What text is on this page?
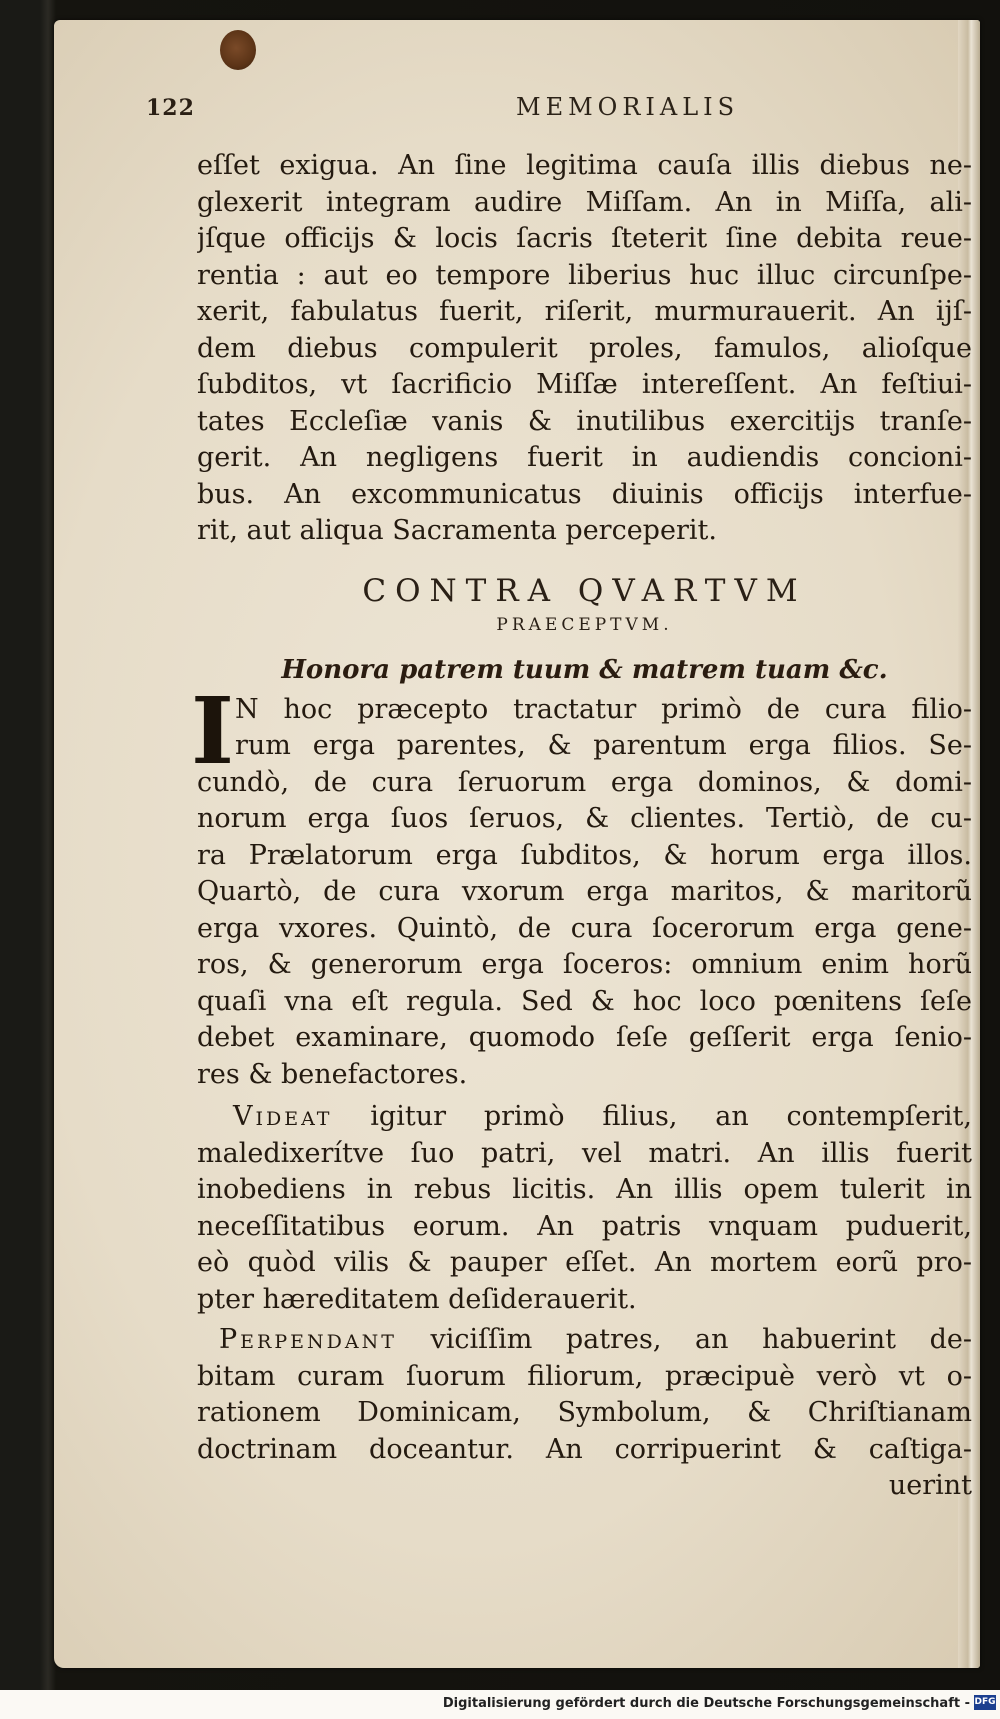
122	MEMORIALIS
eſſet exigua. An ſine legitima cauſa illis diebus ne-
glexerit integram audire Miſſam. An in Miſſa, ali-
jſque officijs & locis ſacris ſteterit ſine debita reue-
rentia : aut eo tempore liberius huc illuc circunſpe-
xerit, fabulatus fuerit, riſerit, murmurauerit. An ijſ-
dem diebus compulerit proles, famulos, alioſque
ſubditos, vt ſacrificio Miſſæ intereſſent. An feſtiui-
tates Eccleſiæ vanis & inutilibus exercitijs tranſe-
gerit. An negligens fuerit in audiendis concioni-
bus. An excommunicatus diuinis officijs interfue-
rit, aut aliqua Sacramenta perceperit.
CONTRA QVARTVM
PRAECEPTVM.
Honora patrem tuum & matrem tuam &c.
I N hoc præcepto tractatur primò de cura filio-
rum erga parentes, & parentum erga filios. Se-
cundò, de cura ſeruorum erga dominos, & domi-
norum erga ſuos ſeruos, & clientes. Tertiò, de cu-
ra Prælatorum erga ſubditos, & horum erga illos.
Quartò, de cura vxorum erga maritos, & maritorũ
erga vxores. Quintò, de cura ſocerorum erga gene-
ros, & generorum erga ſoceros: omnium enim horũ
quaſi vna eſt regula. Sed & hoc loco pœnitens ſeſe
debet examinare, quomodo ſeſe geſſerit erga ſenio-
res & benefactores.
Videat igitur primò filius, an contempſerit,
maledixerítve ſuo patri, vel matri. An illis fuerit
inobediens in rebus licitis. An illis opem tulerit in
neceſſitatibus eorum. An patris vnquam puduerit,
eò quòd vilis & pauper eſſet. An mortem eorũ pro-
pter hæreditatem deſiderauerit.
Perpendant viciſſim patres, an habuerint de-
bitam curam ſuorum filiorum, præcipuè verò vt o-
rationem Dominicam, Symbolum, & Chriſtianam
doctrinam doceantur. An corripuerint & caſtiga-
uerint
Digitalisierung gefördert durch die Deutsche Forschungsgemeinschaft - DFG
